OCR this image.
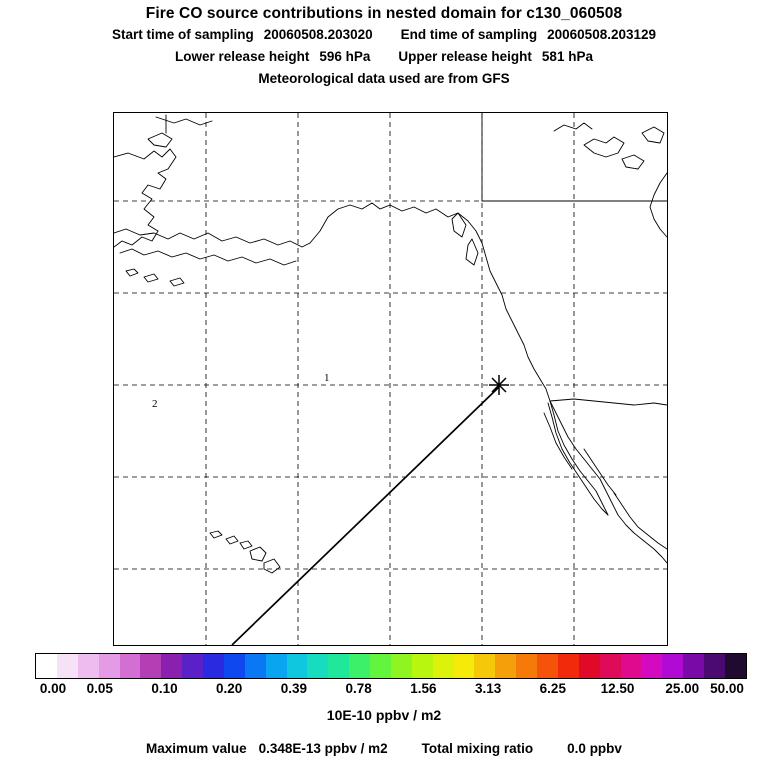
Fire CO source contributions in nested domain for c130_060508
Start time of sampling 20060508.203020 End time of sampling 20060508.203129
Lower release height 596 hPa Upper release height 581 hPa
Meteorological data used are from GFS
1
2
0.00 0.05	0.10	0.20	0.39	0.78	1.56	3.13	6.25	12.50 25.00 50.00
10E-10 ppbv / m2
Maximum value 0.348E-13 ppbv / m2	Total mixing ratio	0.0 ppbv
